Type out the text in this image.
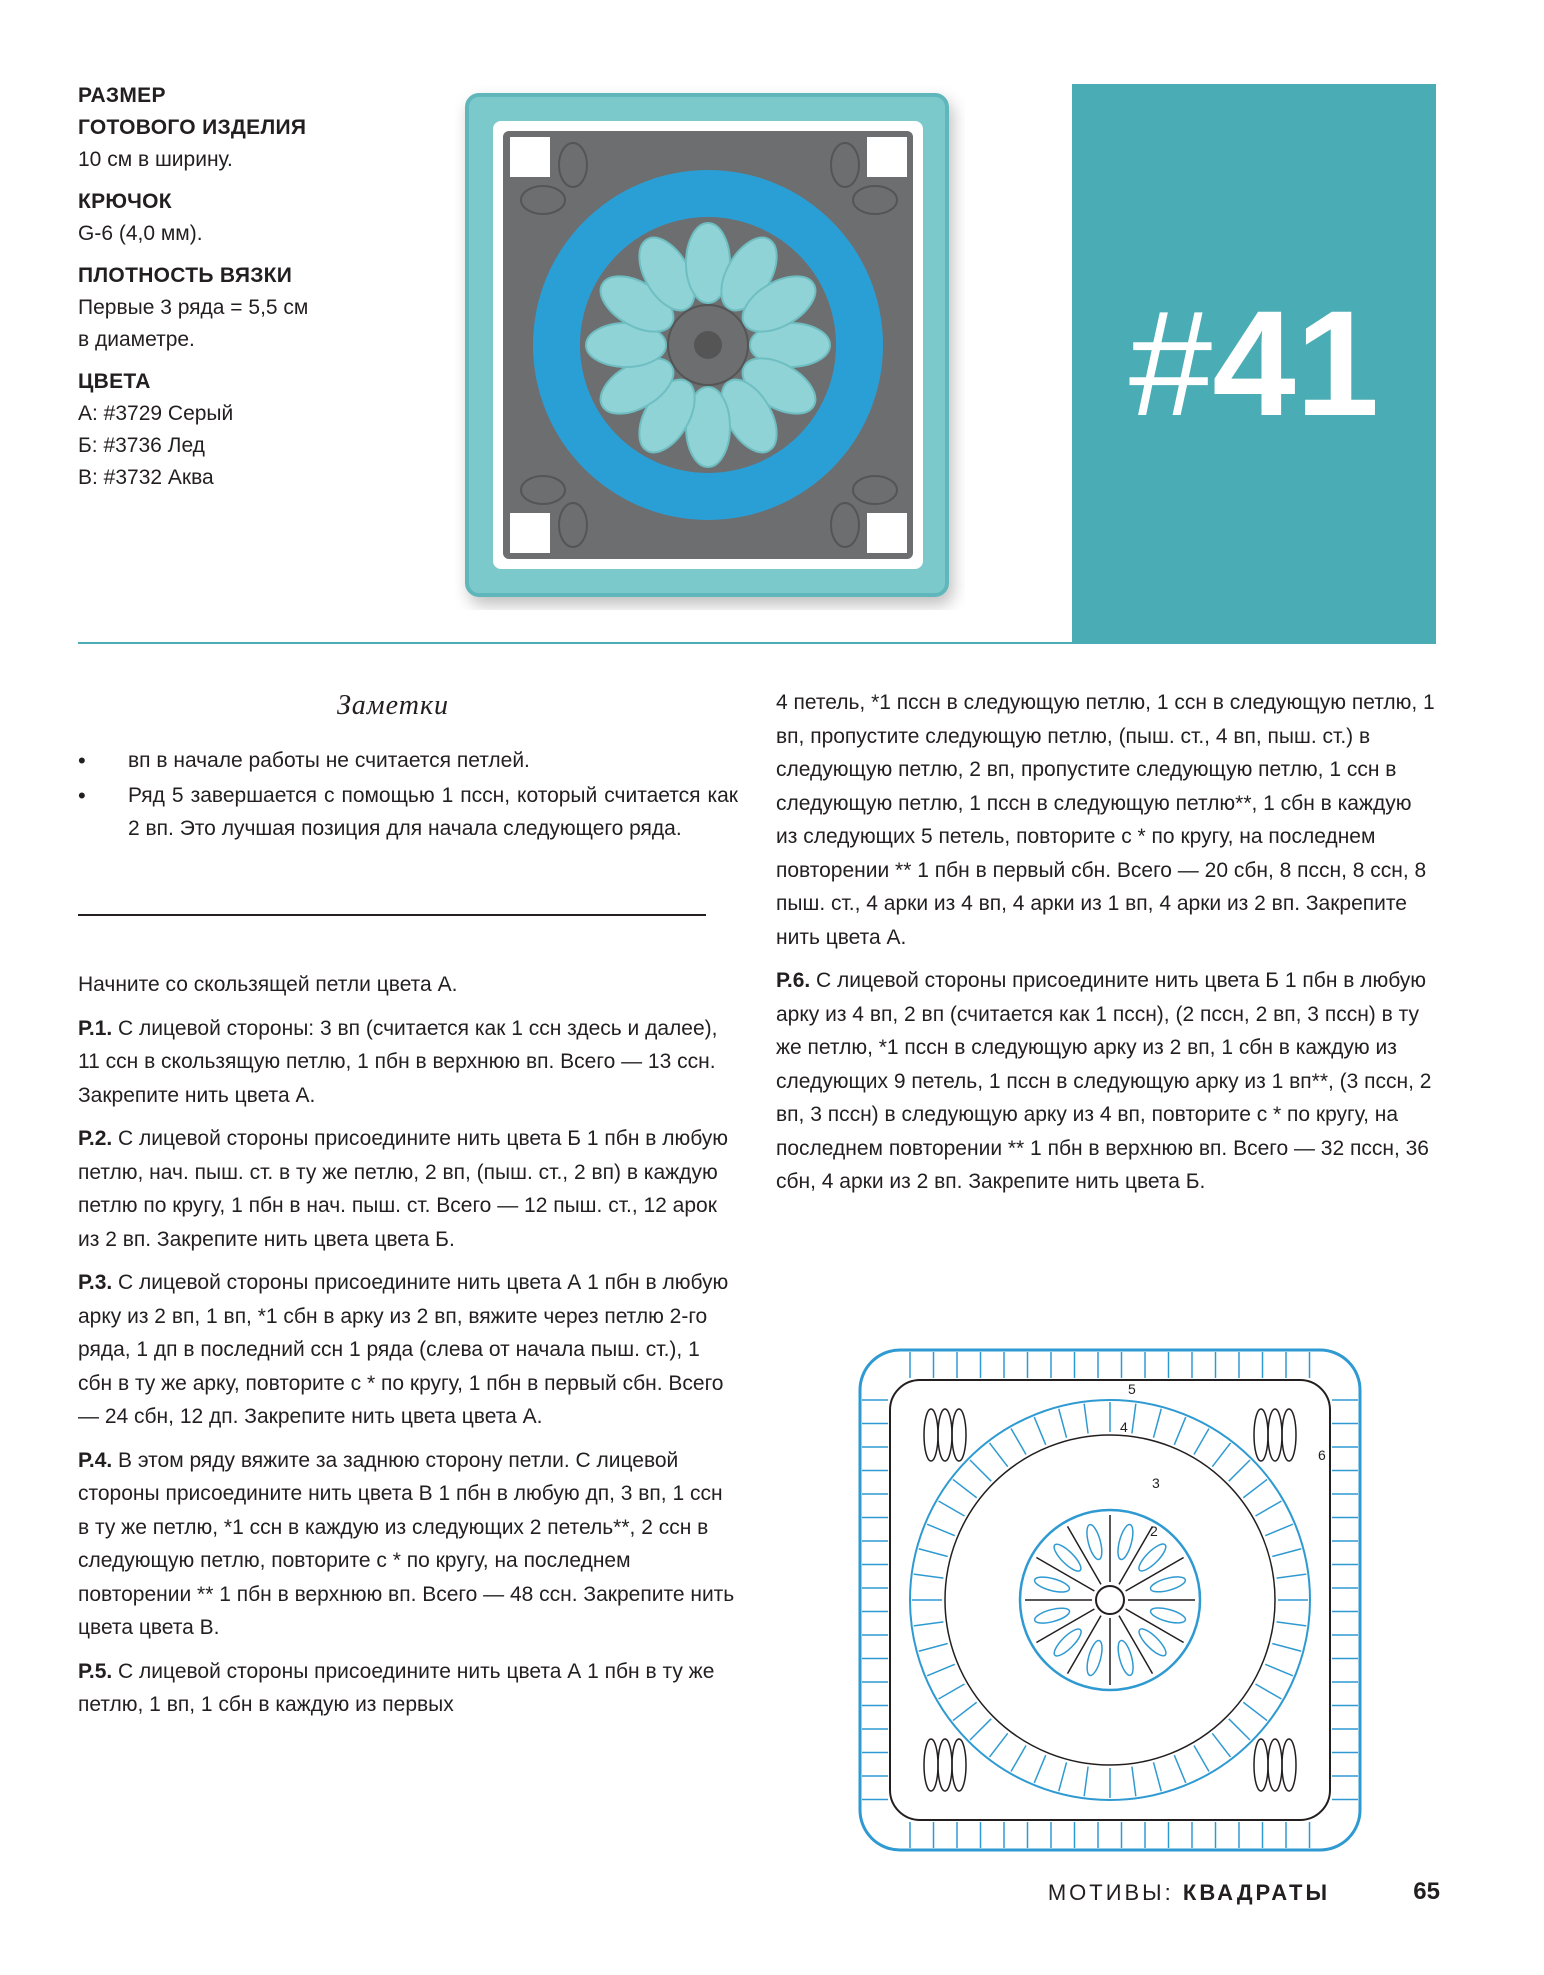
РАЗМЕР
ГОТОВОГО ИЗДЕЛИЯ
10 см в ширину.
КРЮЧОК
G-6 (4,0 мм).
ПЛОТНОСТЬ ВЯЗКИ
Первые 3 ряда = 5,5 см
в диаметре.
ЦВЕТА
А: #3729 Серый
Б: #3736 Лед
В: #3732 Аква
#41
Заметки
• вп в начале работы не считается петлей.
• Ряд 5 завершается с помощью 1 пссн, который считается как 2 вп. Это лучшая позиция для начала следующего ряда.

Начните со скользящей петли цвета А.

Р.1. С лицевой стороны: 3 вп (считается как 1 ссн здесь и далее), 11 ссн в скользящую петлю, 1 пбн в верхнюю вп. Всего — 13 ссн. Закрепите нить цвета А.

Р.2. С лицевой стороны присоедините нить цвета Б 1 пбн в любую петлю, нач. пыш. ст. в ту же петлю, 2 вп, (пыш. ст., 2 вп) в каждую петлю по кругу, 1 пбн в нач. пыш. ст. Всего — 12 пыш. ст., 12 арок из 2 вп. Закрепите нить цвета цвета Б.

Р.3. С лицевой стороны присоедините нить цвета А 1 пбн в любую арку из 2 вп, 1 вп, *1 сбн в арку из 2 вп, вяжите через петлю 2-го ряда, 1 дп в последний ссн 1 ряда (слева от начала пыш. ст.), 1 сбн в ту же арку, повторите с * по кругу, 1 пбн в первый сбн. Всего — 24 сбн, 12 дп. Закрепите нить цвета цвета А.

Р.4. В этом ряду вяжите за заднюю сторону петли. С лицевой стороны присоедините нить цвета В 1 пбн в любую дп, 3 вп, 1 ссн в ту же петлю, *1 ссн в каждую из следующих 2 петель**, 2 ссн в следующую петлю, повторите с * по кругу, на последнем повторении ** 1 пбн в верхнюю вп. Всего — 48 ссн. Закрепите нить цвета цвета В.

Р.5. С лицевой стороны присоедините нить цвета А 1 пбн в ту же петлю, 1 вп, 1 сбн в каждую из первых

4 петель, *1 пссн в следующую петлю, 1 ссн в следующую петлю, 1 вп, пропустите следующую петлю, (пыш. ст., 4 вп, пыш. ст.) в следующую петлю, 2 вп, пропустите следующую петлю, 1 ссн в следующую петлю, 1 пссн в следующую петлю**, 1 сбн в каждую из следующих 5 петель, повторите с * по кругу, на последнем повторении ** 1 пбн в первый сбн. Всего — 20 сбн, 8 пссн, 8 ссн, 8 пыш. ст., 4 арки из 4 вп, 4 арки из 1 вп, 4 арки из 2 вп. Закрепите нить цвета А.

Р.6. С лицевой стороны присоедините нить цвета Б 1 пбн в любую арку из 4 вп, 2 вп (считается как 1 пссн), (2 пссн, 2 вп, 3 пссн) в ту же петлю, *1 пссн в следующую арку из 2 вп, 1 сбн в каждую из следующих 9 петель, 1 пссн в следующую арку из 1 вп**, (3 пссн, 2 вп, 3 пссн) в следующую арку из 4 вп, повторите с * по кругу, на последнем повторении ** 1 пбн в верхнюю вп. Всего — 32 пссн, 36 сбн, 4 арки из 2 вп. Закрепите нить цвета Б.

2
3
4
5
6
МОТИВЫ: КВАДРАТЫ	65
